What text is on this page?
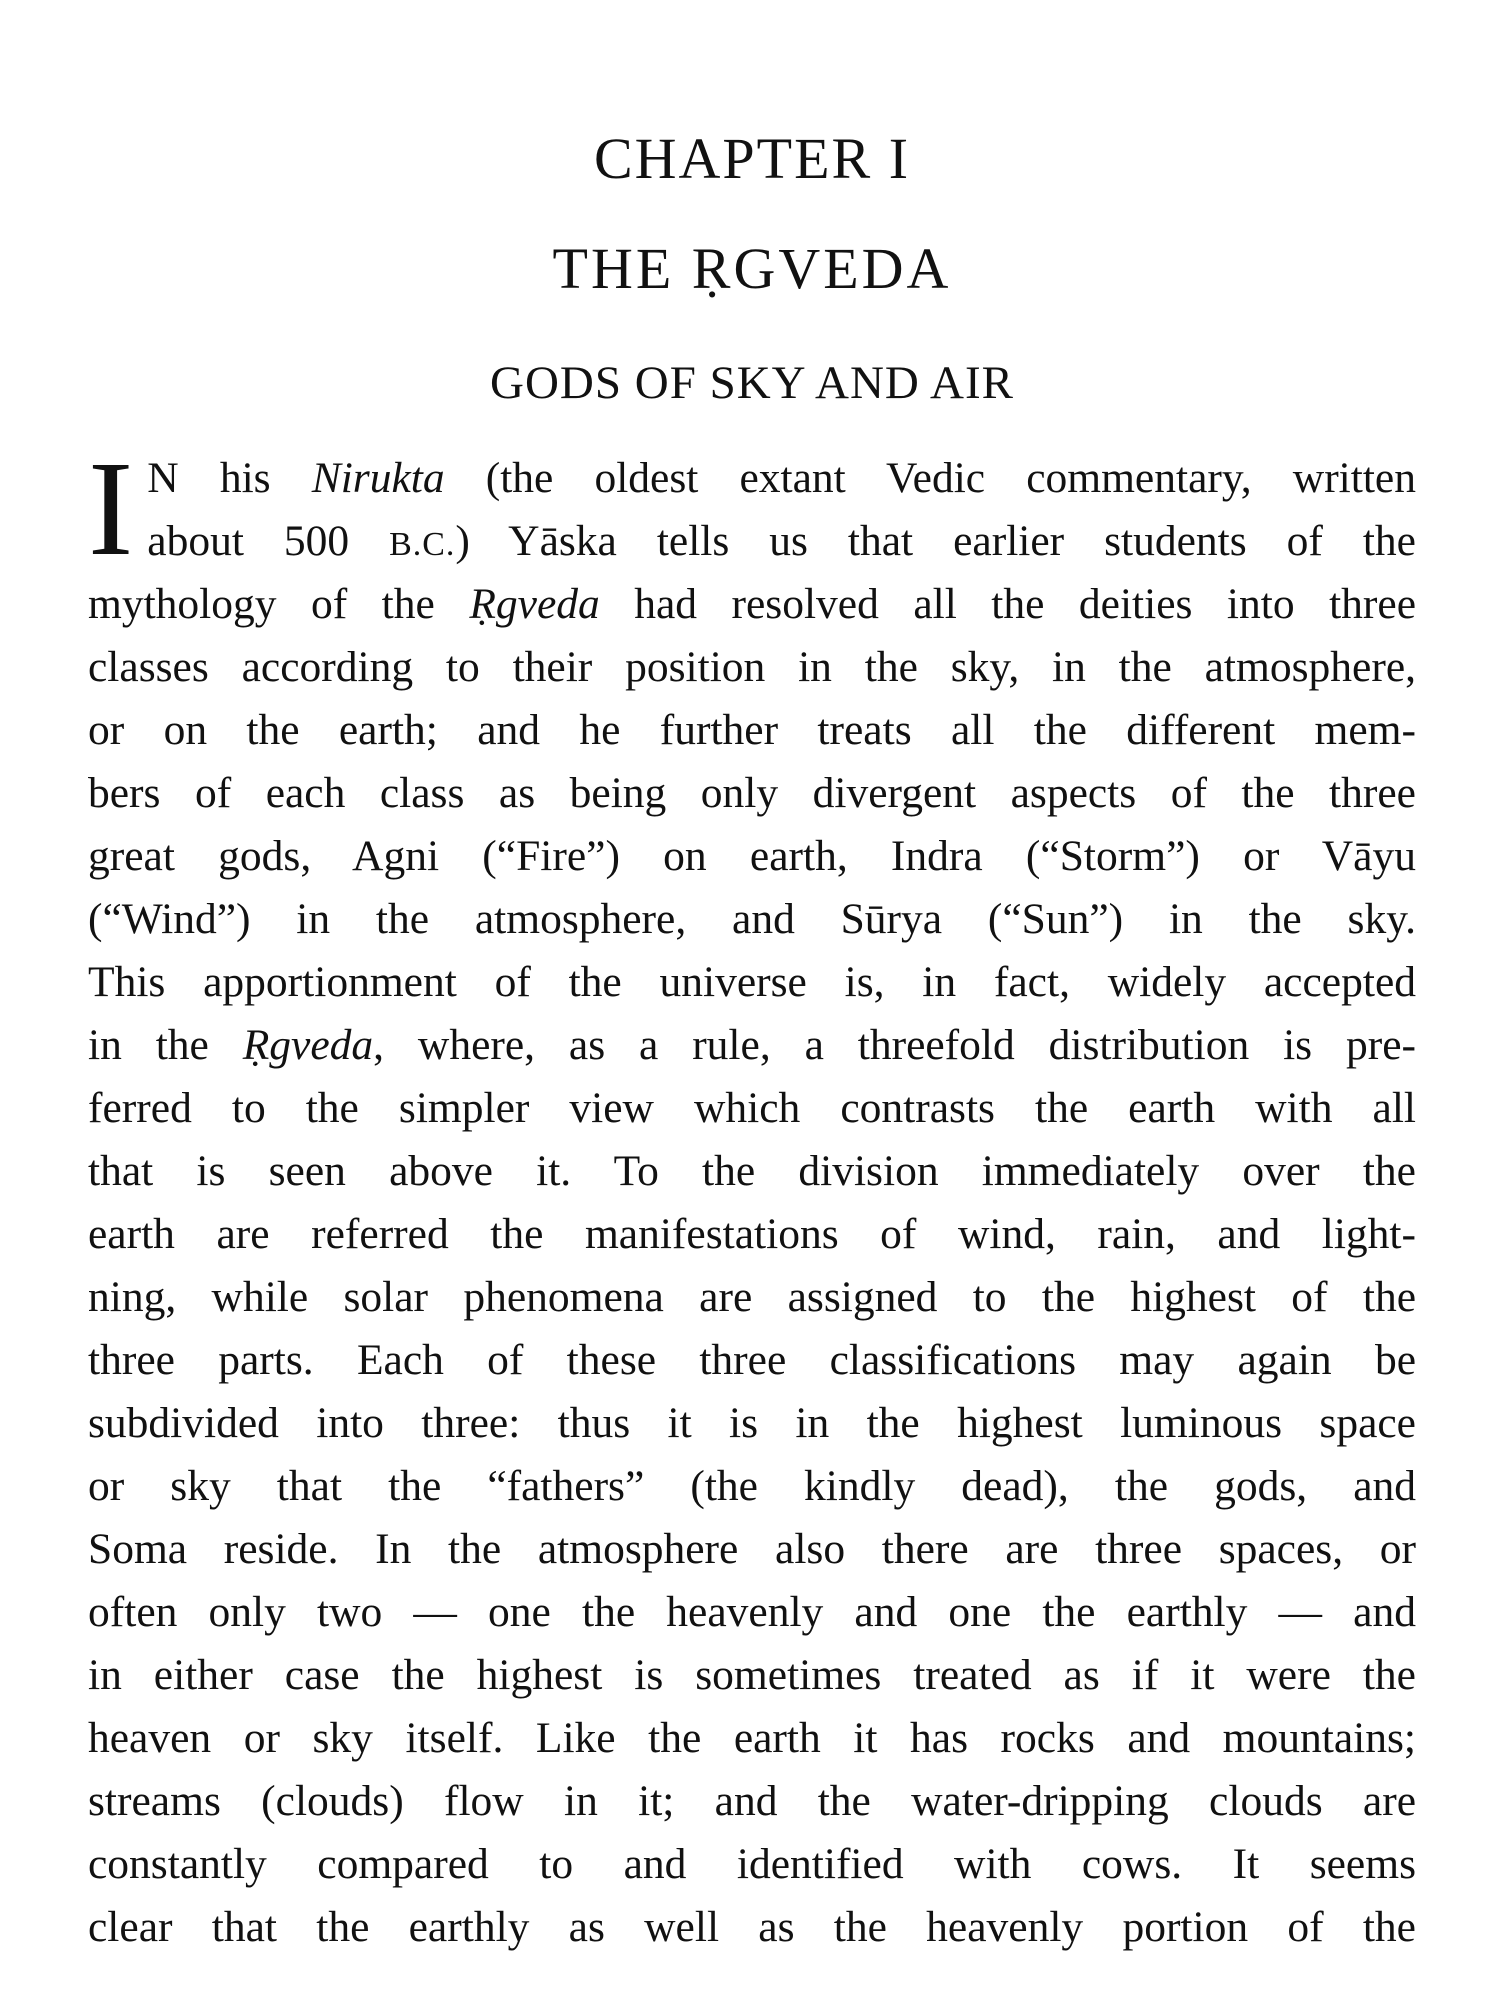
CHAPTER I
THE ṚGVEDA
GODS OF SKY AND AIR
I N his Nirukta (the oldest extant Vedic commentary, written
about 500 B.C.) Yāska tells us that earlier students of the
mythology of the Ṛgveda had resolved all the deities into three
classes according to their position in the sky, in the atmosphere,
or on the earth; and he further treats all the different mem-
bers of each class as being only divergent aspects of the three
great gods, Agni (“Fire”) on earth, Indra (“Storm”) or Vāyu
(“Wind”) in the atmosphere, and Sūrya (“Sun”) in the sky.
This apportionment of the universe is, in fact, widely accepted
in the Ṛgveda, where, as a rule, a threefold distribution is pre-
ferred to the simpler view which contrasts the earth with all
that is seen above it. To the division immediately over the
earth are referred the manifestations of wind, rain, and light-
ning, while solar phenomena are assigned to the highest of the
three parts. Each of these three classifications may again be
subdivided into three: thus it is in the highest luminous space
or sky that the “fathers” (the kindly dead), the gods, and
Soma reside. In the atmosphere also there are three spaces, or
often only two — one the heavenly and one the earthly — and
in either case the highest is sometimes treated as if it were the
heaven or sky itself. Like the earth it has rocks and mountains;
streams (clouds) flow in it; and the water-dripping clouds are
constantly compared to and identified with cows. It seems
clear that the earthly as well as the heavenly portion of the
